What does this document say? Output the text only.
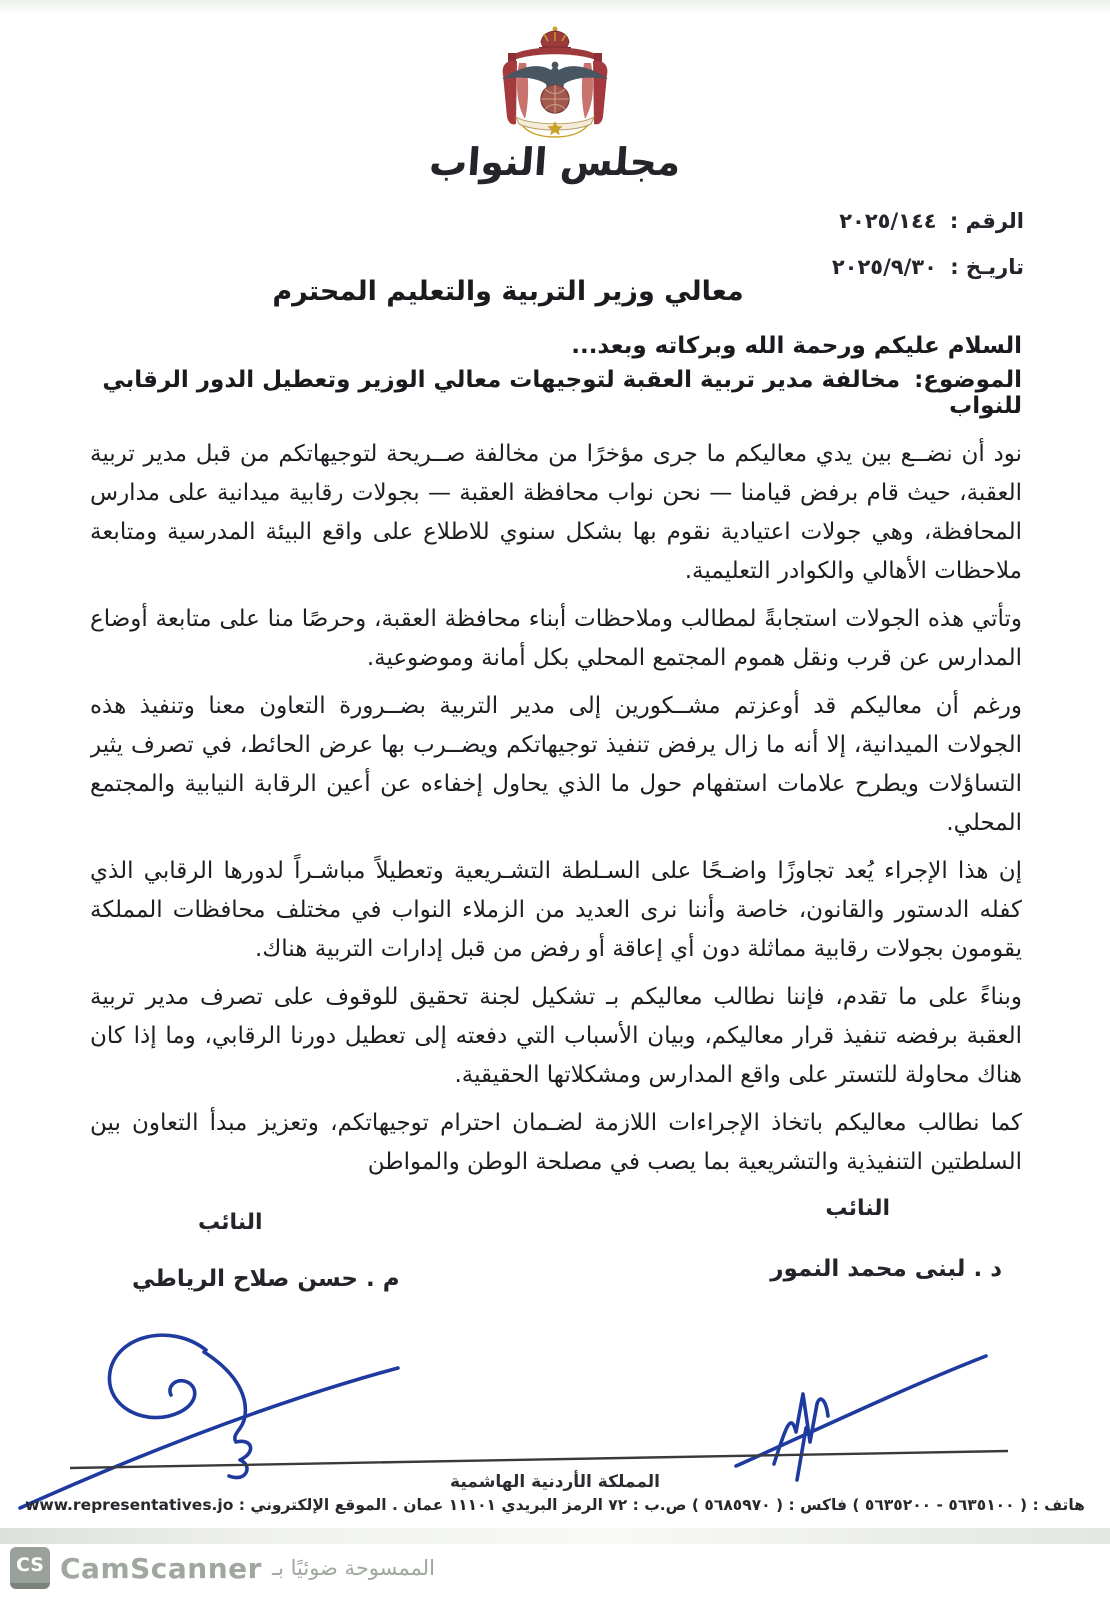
مجلس النواب
الرقم : ٢٠٢٥/١٤٤
تاريـخ : ٢٠٢٥/٩/٣٠

معالي وزير التربية والتعليم المحترم

السلام عليكم ورحمة الله وبركاته وبعد...

الموضوع: مخالفة مدير تربية العقبة لتوجيهات معالي الوزير وتعطيل الدور الرقابي للنواب

نود أن نضــع بين يدي معاليكم ما جرى مؤخرًا من مخالفة صــريحة لتوجيهاتكم من قبل مدير تربية العقبة، حيث قام برفض قيامنا — نحن نواب محافظة العقبة — بجولات رقابية ميدانية على مدارس المحافظة، وهي جولات اعتيادية نقوم بها بشكل سنوي للاطلاع على واقع البيئة المدرسية ومتابعة ملاحظات الأهالي والكوادر التعليمية.

وتأتي هذه الجولات استجابةً لمطالب وملاحظات أبناء محافظة العقبة، وحرصًا منا على متابعة أوضاع المدارس عن قرب ونقل هموم المجتمع المحلي بكل أمانة وموضوعية.

ورغم أن معاليكم قد أوعزتم مشــكورين إلى مدير التربية بضــرورة التعاون معنا وتنفيذ هذه الجولات الميدانية، إلا أنه ما زال يرفض تنفيذ توجيهاتكم ويضــرب بها عرض الحائط، في تصرف يثير التساؤلات ويطرح علامات استفهام حول ما الذي يحاول إخفاءه عن أعين الرقابة النيابية والمجتمع المحلي.

إن هذا الإجراء يُعد تجاوزًا واضـحًا على السـلطة التشـريعية وتعطيلاً مباشـراً لدورها الرقابي الذي كفله الدستور والقانون، خاصة وأننا نرى العديد من الزملاء النواب في مختلف محافظات المملكة يقومون بجولات رقابية مماثلة دون أي إعاقة أو رفض من قبل إدارات التربية هناك.

وبناءً على ما تقدم، فإننا نطالب معاليكم بـ تشكيل لجنة تحقيق للوقوف على تصرف مدير تربية العقبة برفضه تنفيذ قرار معاليكم، وبيان الأسباب التي دفعته إلى تعطيل دورنا الرقابي، وما إذا كان هناك محاولة للتستر على واقع المدارس ومشكلاتها الحقيقية.

كما نطالب معاليكم باتخاذ الإجراءات اللازمة لضـمان احترام توجيهاتكم، وتعزيز مبدأ التعاون بين السلطتين التنفيذية والتشريعية بما يصب في مصلحة الوطن والمواطن

النائب
النائب
د . لبنى محمد النمور
م . حسن صلاح الرياطي
المملكة الأردنية الهاشمية
هاتف : ( ٥٦٣٥١٠٠ - ٥٦٣٥٢٠٠ ) فاكس : ( ٥٦٨٥٩٧٠ ) ص.ب : ٧٢ الرمز البريدي ١١١٠١ عمان . الموقع الإلكتروني : www.representatives.jo
CS CamScanner الممسوحة ضوئيًا بـ
